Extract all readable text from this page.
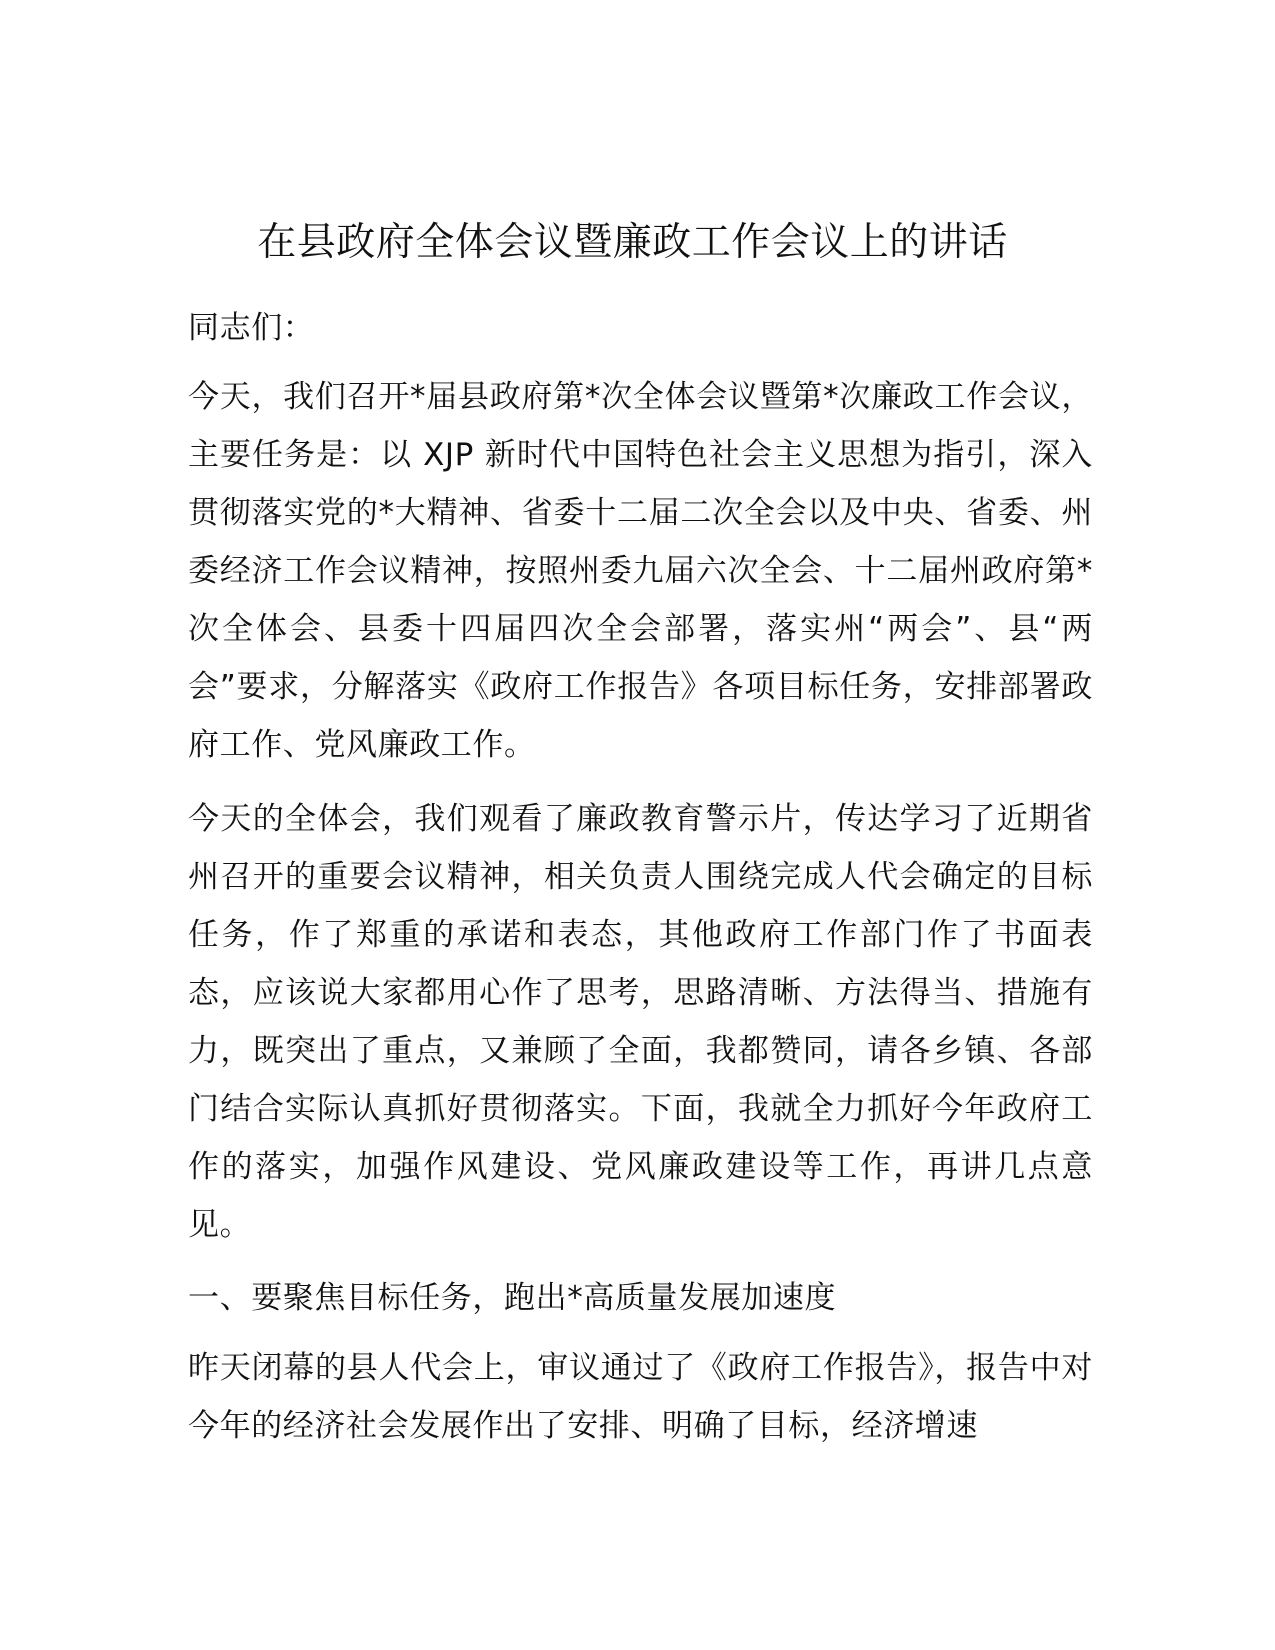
在县政府全体会议暨廉政工作会议上的讲话

同志们：

今天，我们召开*届县政府第*次全体会议暨第*次廉政工作会议，主要任务是：以 XJP 新时代中国特色社会主义思想为指引，深入贯彻落实党的*大精神、省委十二届二次全会以及中央、省委、州委经济工作会议精神，按照州委九届六次全会、十二届州政府第*次全体会、县委十四届四次全会部署，落实州“两会”、县“两会”要求，分解落实《政府工作报告》各项目标任务，安排部署政府工作、党风廉政工作。

今天的全体会，我们观看了廉政教育警示片，传达学习了近期省州召开的重要会议精神，相关负责人围绕完成人代会确定的目标任务，作了郑重的承诺和表态，其他政府工作部门作了书面表态，应该说大家都用心作了思考，思路清晰、方法得当、措施有力，既突出了重点，又兼顾了全面，我都赞同，请各乡镇、各部门结合实际认真抓好贯彻落实。下面，我就全力抓好今年政府工作的落实，加强作风建设、党风廉政建设等工作，再讲几点意见。

一、要聚焦目标任务，跑出*高质量发展加速度

昨天闭幕的县人代会上，审议通过了《政府工作报告》，报告中对今年的经济社会发展作出了安排、明确了目标，经济增速
